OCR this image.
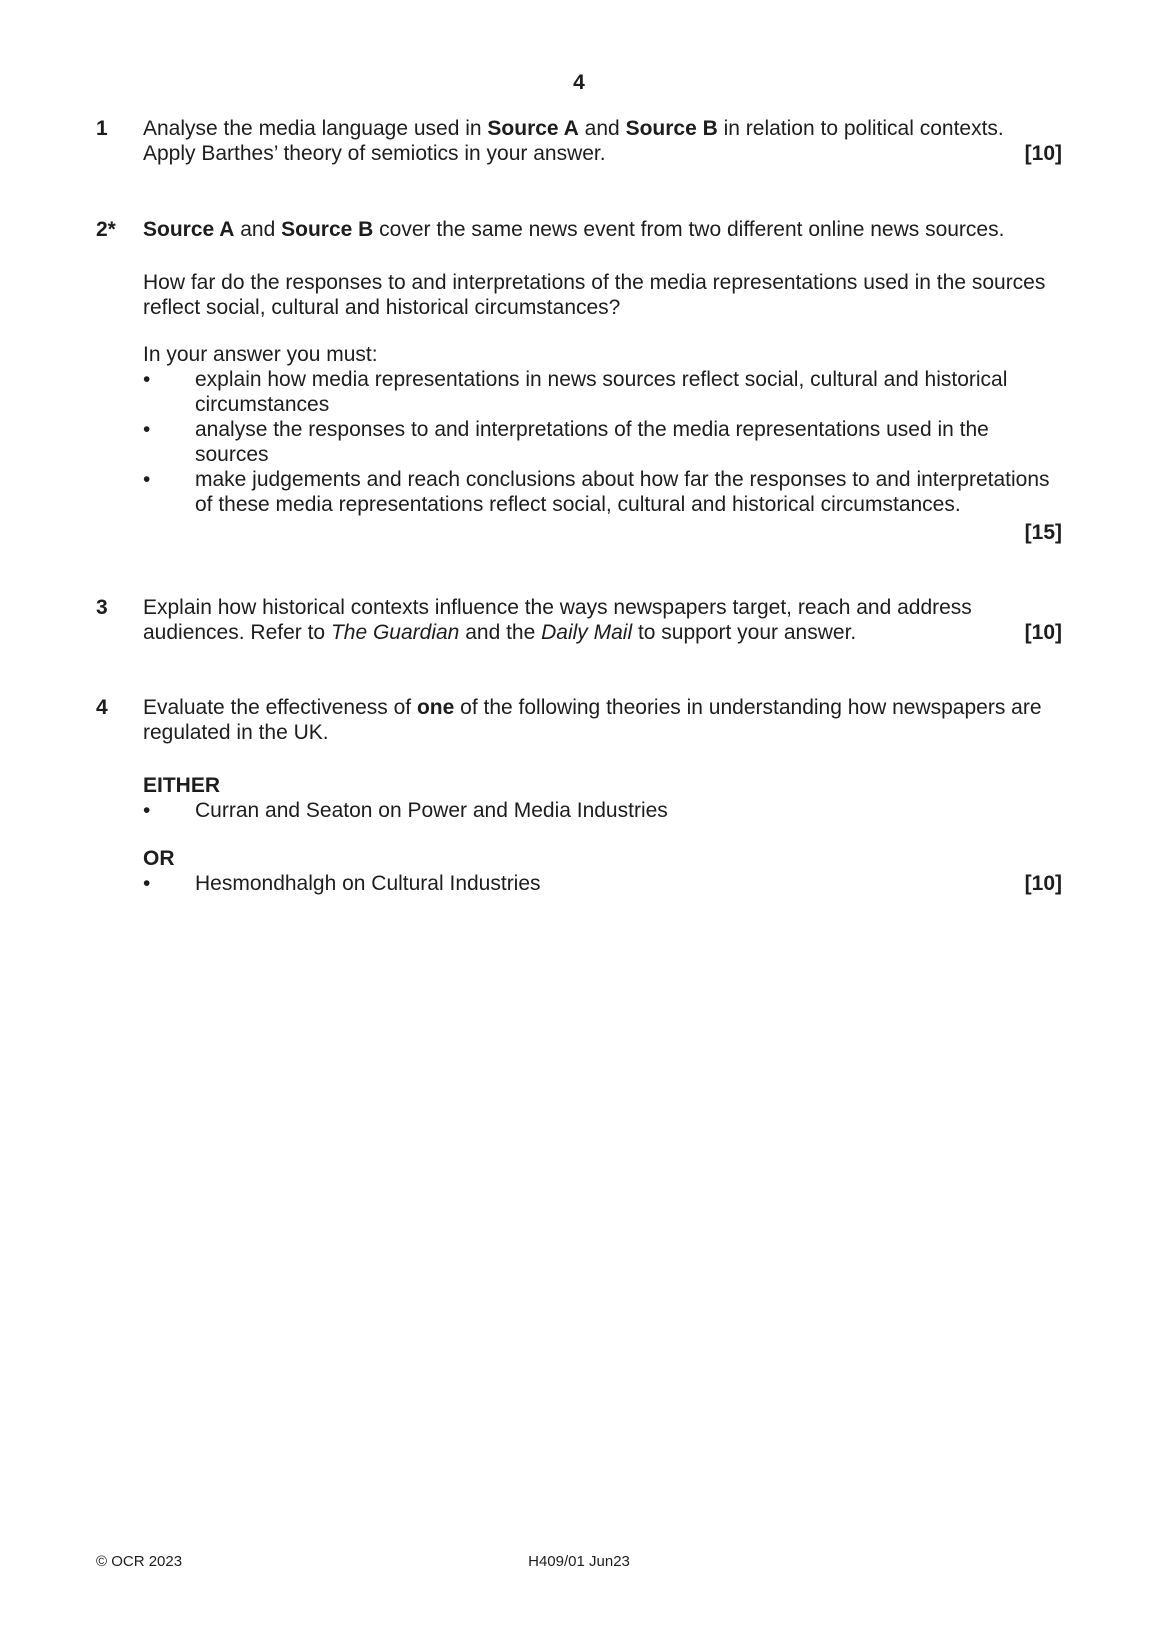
4
1	Analyse the media language used in Source A and Source B in relation to political contexts.
Apply Barthes’ theory of semiotics in your answer.	[10]
2*	Source A and Source B cover the same news event from two different online news sources.
How far do the responses to and interpretations of the media representations used in the sources
reflect social, cultural and historical circumstances?
In your answer you must:
•	explain how media representations in news sources reflect social, cultural and historical
circumstances
•	analyse the responses to and interpretations of the media representations used in the
sources
•	make judgements and reach conclusions about how far the responses to and interpretations
of these media representations reflect social, cultural and historical circumstances.
[15]
3	Explain how historical contexts influence the ways newspapers target, reach and address
audiences. Refer to The Guardian and the Daily Mail to support your answer.	[10]
4	Evaluate the effectiveness of one of the following theories in understanding how newspapers are
regulated in the UK.
EITHER
•	Curran and Seaton on Power and Media Industries
OR
•	Hesmondhalgh on Cultural Industries	[10]
© OCR 2023	H409/01 Jun23
